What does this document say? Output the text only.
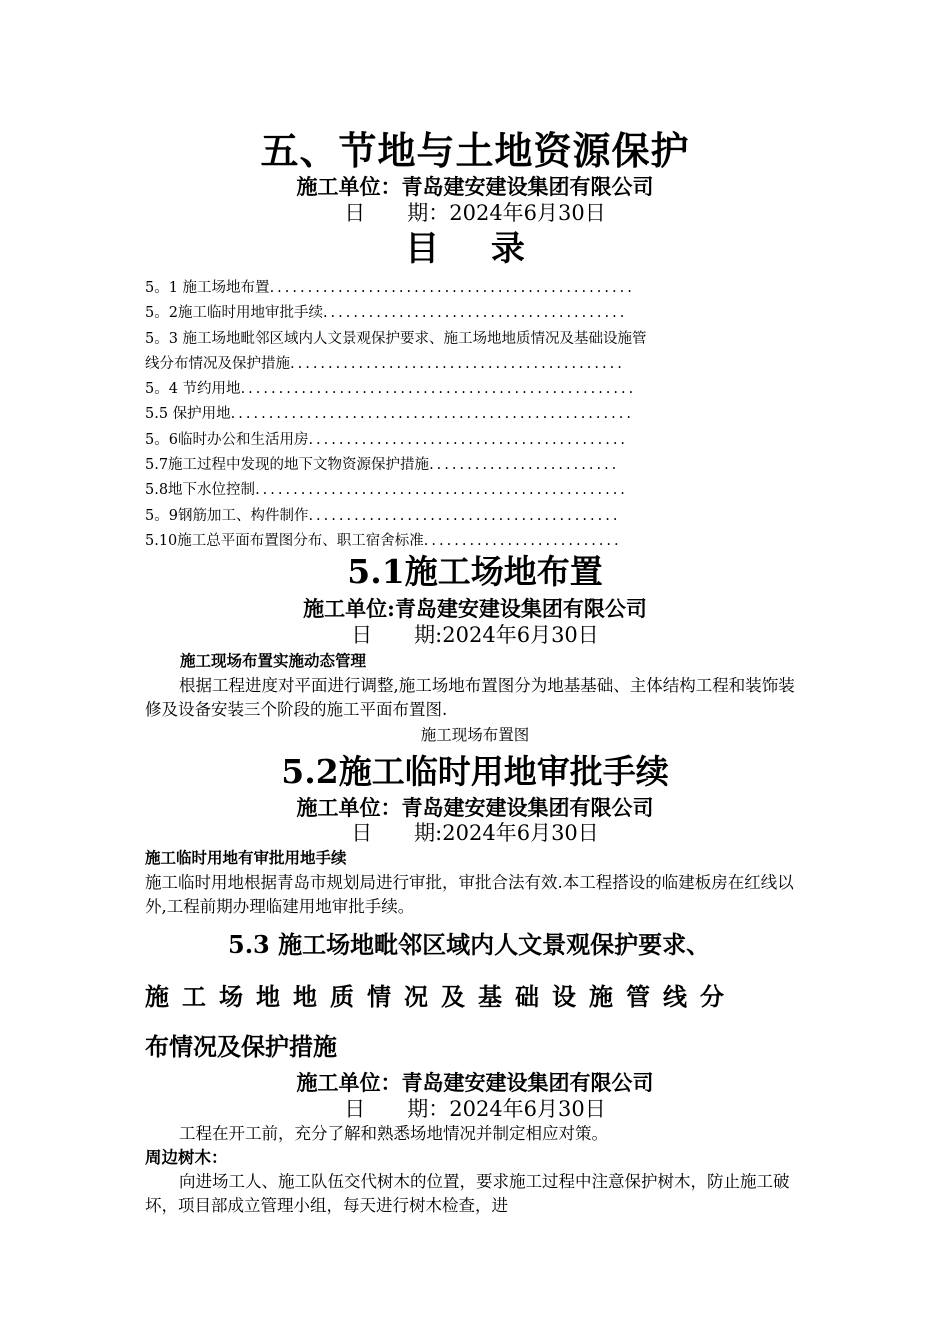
五、节地与土地资源保护
施工单位：青岛建安建设集团有限公司
日　　期：2024年6月30日
目 录
5。1 施工场地布置................................................
5。2施工临时用地审批手续........................................
5。3 施工场地毗邻区域内人文景观保护要求、施工场地地质情况及基础设施管
线分布情况及保护措施............................................
5。4 节约用地....................................................
5.5 保护用地.....................................................
5。6临时办公和生活用房..........................................
5.7施工过程中发现的地下文物资源保护措施.........................
5.8地下水位控制.................................................
5。9钢筋加工、构件制作.........................................
5.10施工总平面布置图分布、职工宿舍标准..........................
5.1施工场地布置
施工单位:青岛建安建设集团有限公司
日　　期:2024年6月30日
施工现场布置实施动态管理
根据工程进度对平面进行调整,施工场地布置图分为地基基础、主体结构工程和装饰装修及设备安装三个阶段的施工平面布置图.
施工现场布置图
5.2施工临时用地审批手续
施工单位：青岛建安建设集团有限公司
日　　期:2024年6月30日
施工临时用地有审批用地手续
施工临时用地根据青岛市规划局进行审批，审批合法有效.本工程搭设的临建板房在红线以外,工程前期办理临建用地审批手续。
5.3 施工场地毗邻区域内人文景观保护要求、
施工场地地质情况及基础设施管线分
布情况及保护措施
施工单位：青岛建安建设集团有限公司
日　　期：2024年6月30日
工程在开工前，充分了解和熟悉场地情况并制定相应对策。
周边树木：
向进场工人、施工队伍交代树木的位置，要求施工过程中注意保护树木，防止施工破坏，项目部成立管理小组，每天进行树木检查，进
